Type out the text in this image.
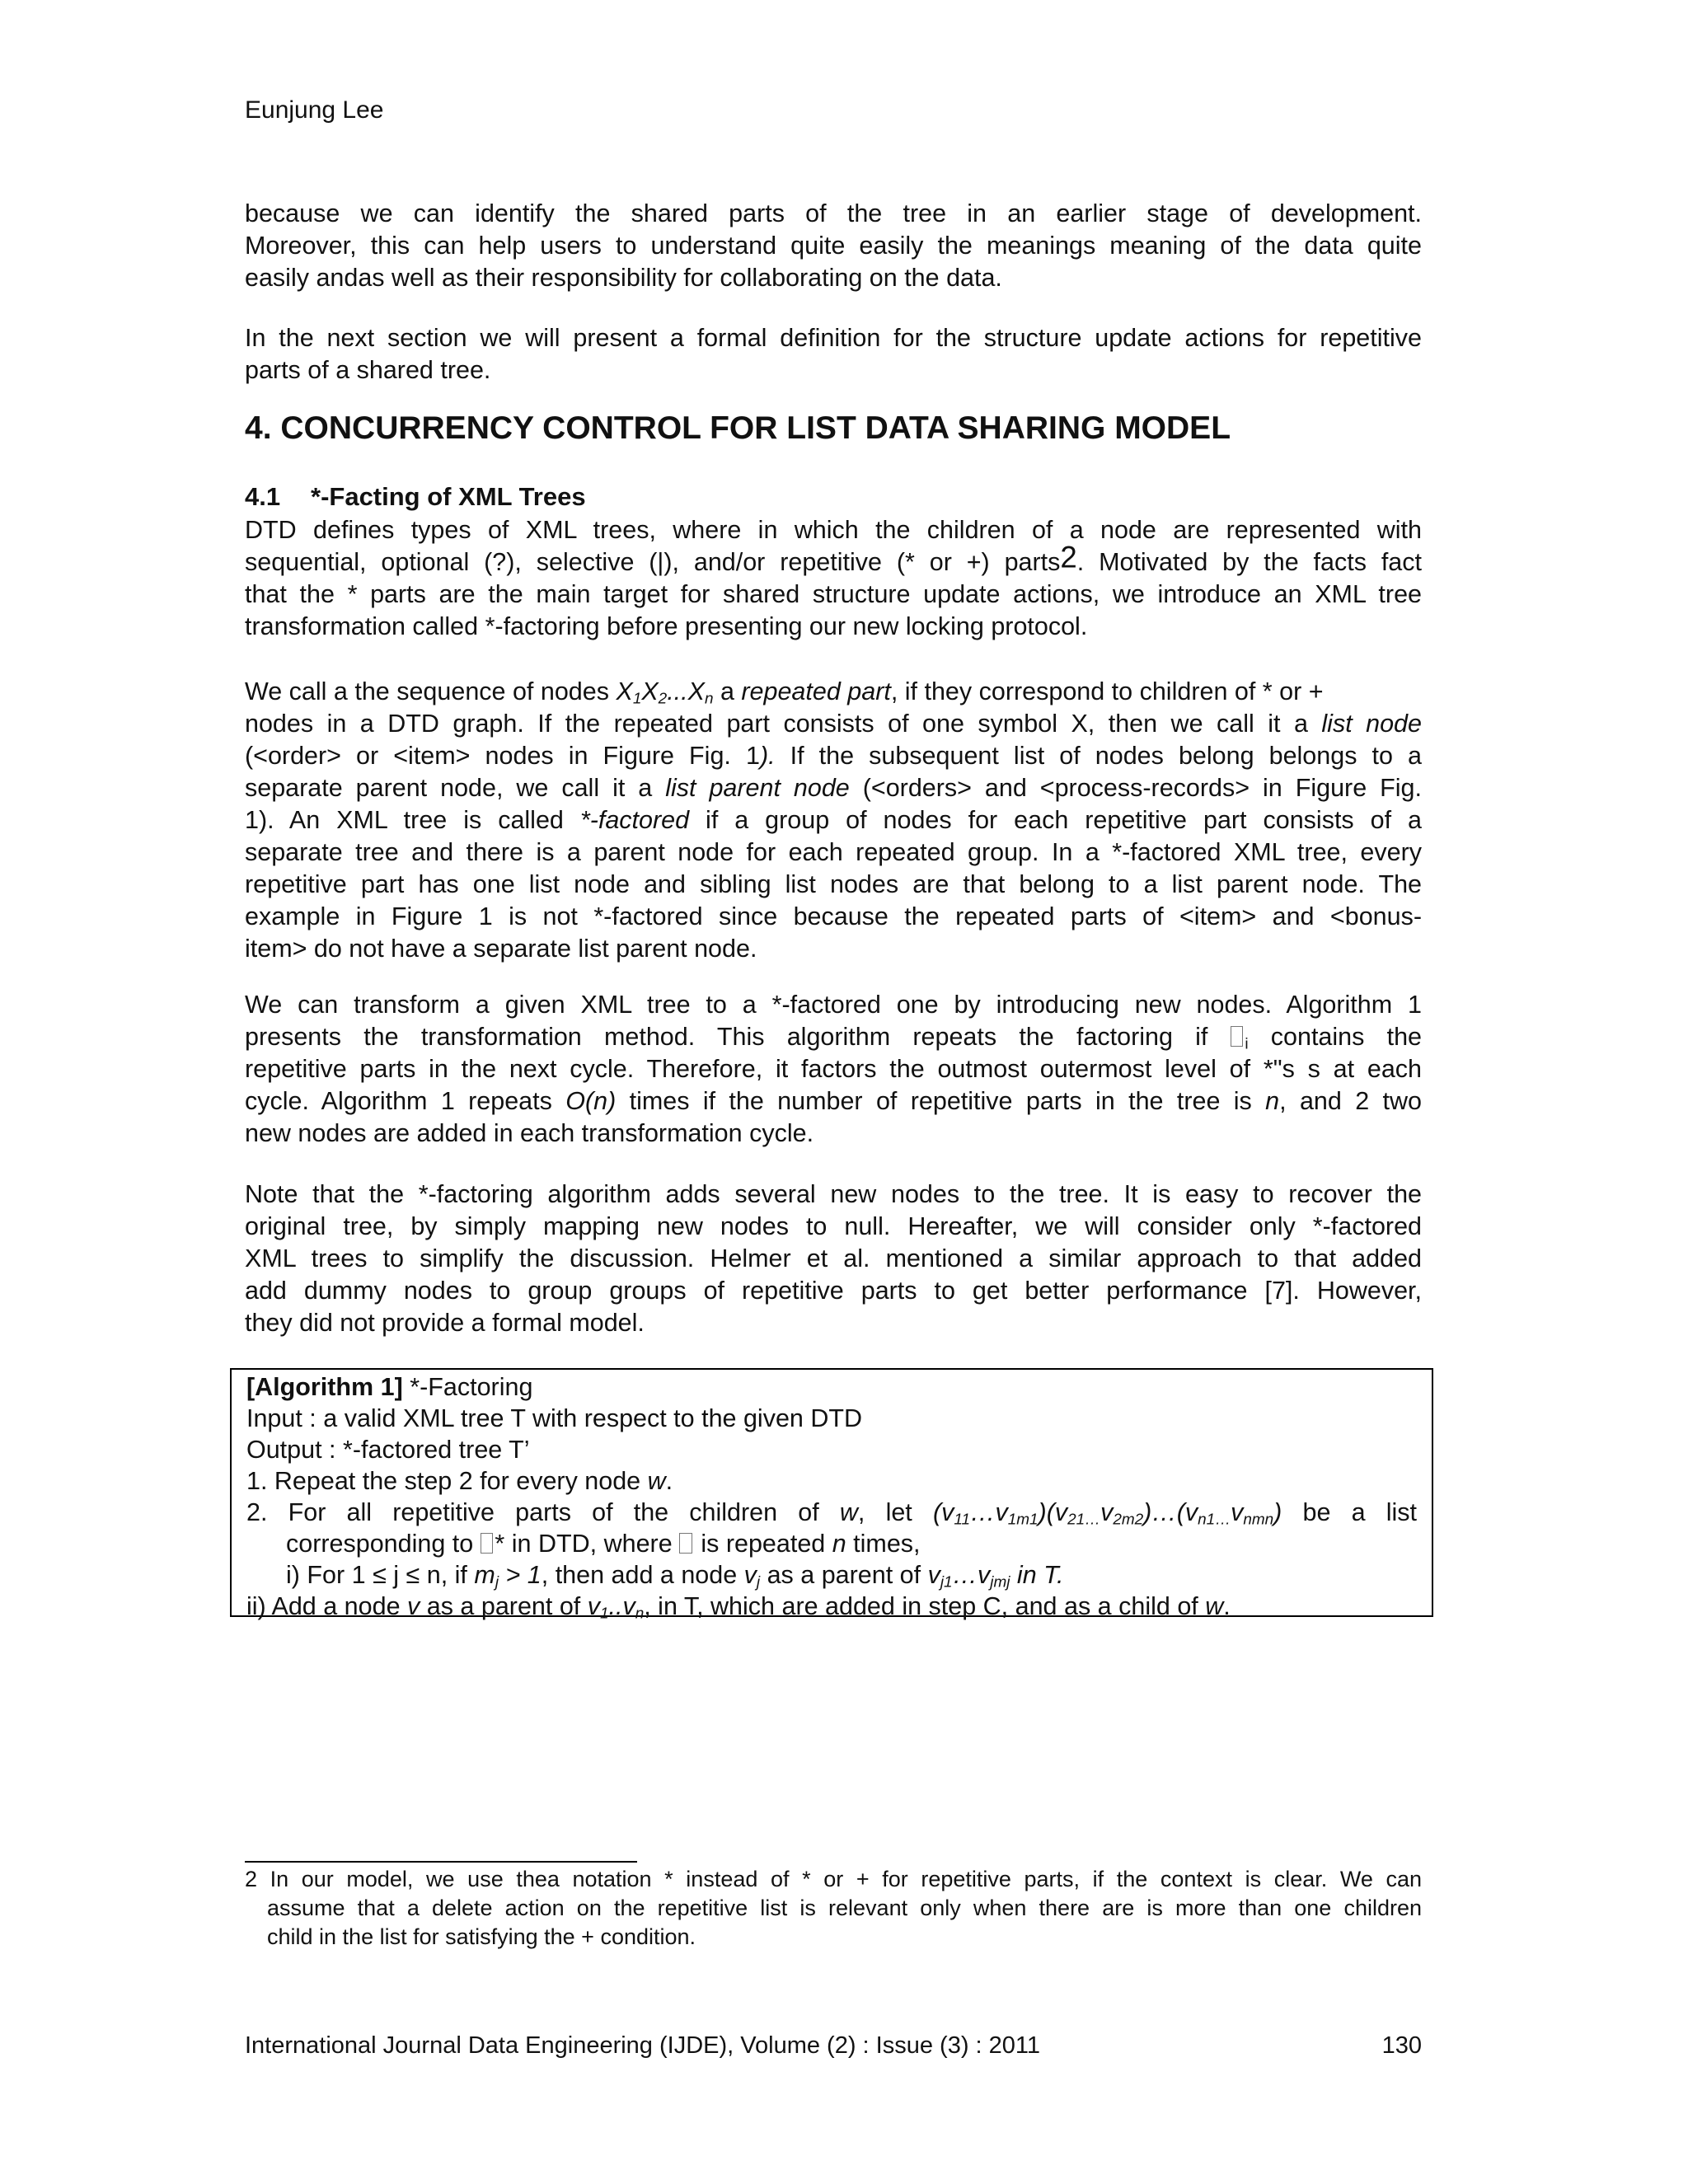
Eunjung Lee
because we can identify the shared parts of the tree in an earlier stage of development.
Moreover, this can help users to understand quite easily the meanings meaning of the data quite
easily andas well as their responsibility for collaborating on the data.
In the next section we will present a formal definition for the structure update actions for repetitive
parts of a shared tree.
4. CONCURRENCY CONTROL FOR LIST DATA SHARING MODEL
4.1 *-Facting of XML Trees
DTD defines types of XML trees, where in which the children of a node are represented with
sequential, optional (?), selective (|), and/or repetitive (* or +) parts$^2$. Motivated by the facts fact
that the * parts are the main target for shared structure update actions, we introduce an XML tree
transformation called *-factoring before presenting our new locking protocol.
We call a the sequence of nodes $X_1X_2...X_n$ a repeated part, if they correspond to children of * or +
nodes in a DTD graph. If the repeated part consists of one symbol X, then we call it a list node
(<order> or <item> nodes in Figure Fig. 1). If the subsequent list of nodes belong belongs to a
separate parent node, we call it a list parent node (<orders> and <process-records> in Figure Fig.
1). An XML tree is called *-factored if a group of nodes for each repetitive part consists of a
separate tree and there is a parent node for each repeated group. In a *-factored XML tree, every
repetitive part has one list node and sibling list nodes are that belong to a list parent node. The
example in Figure 1 is not *-factored since because the repeated parts of <item> and <bonus-
item> do not have a separate list parent node.
We can transform a given XML tree to a *-factored one by introducing new nodes. Algorithm 1
presents the transformation method. This algorithm repeats the factoring if $_i$ contains the
repetitive parts in the next cycle. Therefore, it factors the outmost outermost level of *"s s at each
cycle. Algorithm 1 repeats O(n) times if the number of repetitive parts in the tree is n, and 2 two
new nodes are added in each transformation cycle.
Note that the *-factoring algorithm adds several new nodes to the tree. It is easy to recover the
original tree, by simply mapping new nodes to null. Hereafter, we will consider only *-factored
XML trees to simplify the discussion. Helmer et al. mentioned a similar approach to that added
add dummy nodes to group groups of repetitive parts to get better performance [7]. However,
they did not provide a formal model.
[Algorithm 1] *-Factoring
Input : a valid XML tree T with respect to the given DTD
Output : *-factored tree T’
1. Repeat the step 2 for every node w.
2. For all repetitive parts of the children of w, let $(v_{11}\dots v_{1m1})(v_{21\dots}v_{2m2})\dots(v_{n1\dots}v_{nmn})$ be a list
corresponding to * in DTD, where  is repeated n times,
i) For 1 ≤ j ≤ n, if $m_j > 1$, then add a node $v_j$ as a parent of $v_{j1}\dots v_{jmj}$ in T.
ii) Add a node v as a parent of $v_1..v_n$, in T, which are added in step C, and as a child of w.
2 In our model, we use thea notation * instead of * or + for repetitive parts, if the context is clear. We can
assume that a delete action on the repetitive list is relevant only when there are is more than one children
child in the list for satisfying the + condition.
International Journal Data Engineering (IJDE), Volume (2) : Issue (3) : 2011	130
